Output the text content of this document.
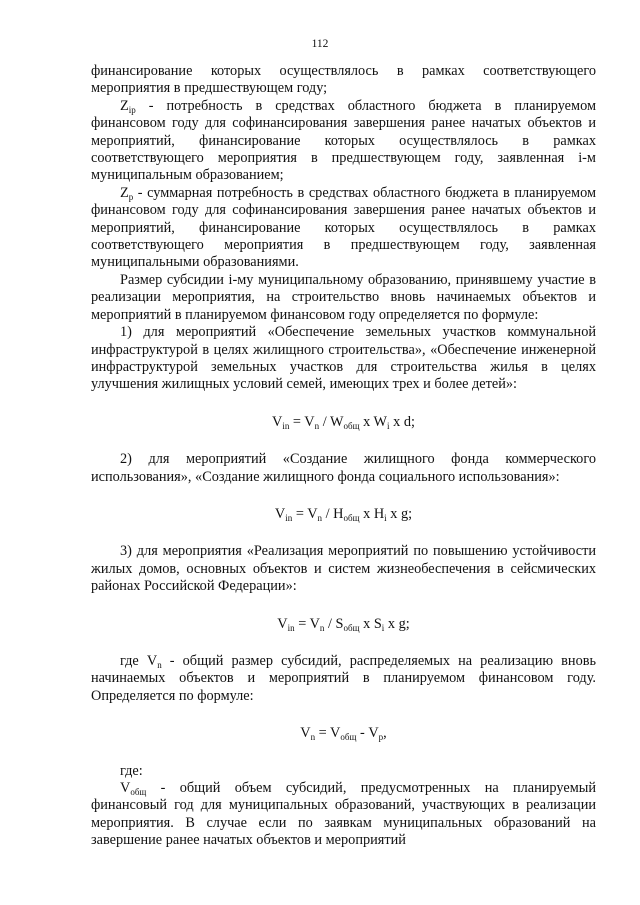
112

финансирование которых осуществлялось в рамках соответствующего мероприятия в предшествующем году;

$Z_{ip}$ - потребность в средствах областного бюджета в планируемом финансовом году для софинансирования завершения ранее начатых объектов и мероприятий, финансирование которых осуществлялось в рамках соответствующего мероприятия в предшествующем году, заявленная i-м муниципальным образованием;

$Z_p$ - суммарная потребность в средствах областного бюджета в планируемом финансовом году для софинансирования завершения ранее начатых объектов и мероприятий, финансирование которых осуществлялось в рамках соответствующего мероприятия в предшествующем году, заявленная муниципальными образованиями.

Размер субсидии i-му муниципальному образованию, принявшему участие в реализации мероприятия, на строительство вновь начинаемых объектов и мероприятий в планируемом финансовом году определяется по формуле:

1) для мероприятий «Обеспечение земельных участков коммунальной инфраструктурой в целях жилищного строительства», «Обеспечение инженерной инфраструктурой земельных участков для строительства жилья в целях улучшения жилищных условий семей, имеющих трех и более детей»:

$V_{in} = V_n / W_{общ}$ x $W_i$ x d;

2) для мероприятий «Создание жилищного фонда коммерческого использования», «Создание жилищного фонда социального использования»:

$V_{in} = V_n / H_{общ}$ x $H_i$ x g;

3) для мероприятия «Реализация мероприятий по повышению устойчивости жилых домов, основных объектов и систем жизнеобеспечения в сейсмических районах Российской Федерации»:

$V_{in} = V_n / S_{общ}$ x $S_i$ x g;

где $V_n$ - общий размер субсидий, распределяемых на реализацию вновь начинаемых объектов и мероприятий в планируемом финансовом году. Определяется по формуле:

$V_n = V_{общ} - V_p$,

где:

$V_{общ}$ - общий объем субсидий, предусмотренных на планируемый финансовый год для муниципальных образований, участвующих в реализации мероприятия. В случае если по заявкам муниципальных образований на завершение ранее начатых объектов и мероприятий
